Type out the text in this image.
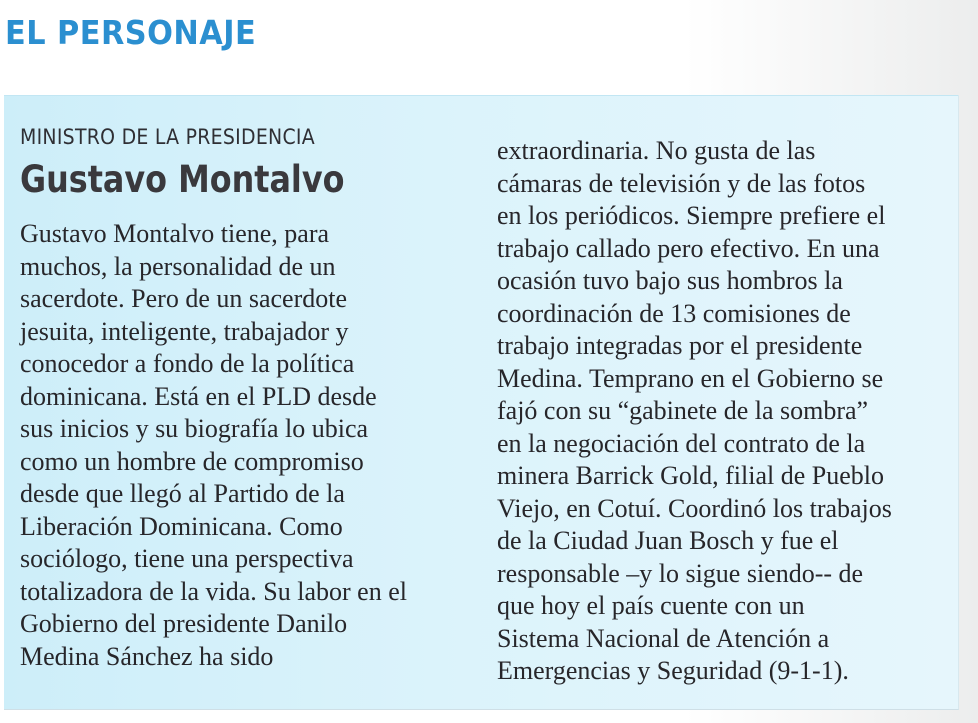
EL PERSONAJE
MINISTRO DE LA PRESIDENCIA
Gustavo Montalvo
Gustavo Montalvo tiene, para
muchos, la personalidad de un
sacerdote. Pero de un sacerdote
jesuita, inteligente, trabajador y
conocedor a fondo de la política
dominicana. Está en el PLD desde
sus inicios y su biografía lo ubica
como un hombre de compromiso
desde que llegó al Partido de la
Liberación Dominicana. Como
sociólogo, tiene una perspectiva
totalizadora de la vida. Su labor en el
Gobierno del presidente Danilo
Medina Sánchez ha sido
extraordinaria. No gusta de las
cámaras de televisión y de las fotos
en los periódicos. Siempre prefiere el
trabajo callado pero efectivo. En una
ocasión tuvo bajo sus hombros la
coordinación de 13 comisiones de
trabajo integradas por el presidente
Medina. Temprano en el Gobierno se
fajó con su “gabinete de la sombra”
en la negociación del contrato de la
minera Barrick Gold, filial de Pueblo
Viejo, en Cotuí. Coordinó los trabajos
de la Ciudad Juan Bosch y fue el
responsable –y lo sigue siendo-- de
que hoy el país cuente con un
Sistema Nacional de Atención a
Emergencias y Seguridad (9-1-1).
